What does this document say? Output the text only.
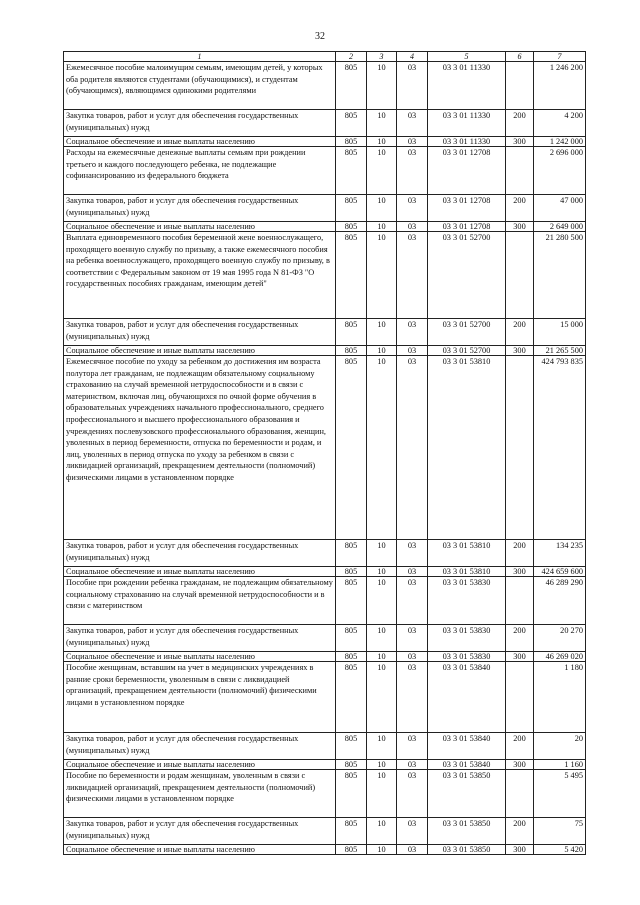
32
1	2	3	4	5	6	7
Ежемесячное пособие малоимущим семьям, имеющим детей, у которых оба родителя являются студентами (обучающимися), и студентам (обучающимся), являющимся одинокими родителями	805	10	03	03 3 01 11330		1 246 200
Закупка товаров, работ и услуг для обеспечения государственных (муниципальных) нужд	805	10	03	03 3 01 11330	200	4 200
Социальное обеспечение и иные выплаты населению	805	10	03	03 3 01 11330	300	1 242 000
Расходы на ежемесячные денежные выплаты семьям при рождении третьего и каждого последующего ребенка, не подлежащие софинансированию из федерального бюджета	805	10	03	03 3 01 12708		2 696 000
Закупка товаров, работ и услуг для обеспечения государственных (муниципальных) нужд	805	10	03	03 3 01 12708	200	47 000
Социальное обеспечение и иные выплаты населению	805	10	03	03 3 01 12708	300	2 649 000
Выплата единовременного пособия беременной жене военнослужащего, проходящего военную службу по призыву, а также ежемесячного пособия на ребенка военнослужащего, проходящего военную службу по призыву, в соответствии с Федеральным законом от 19 мая 1995 года N 81-ФЗ "О государственных пособиях гражданам, имеющим детей"	805	10	03	03 3 01 52700		21 280 500
Закупка товаров, работ и услуг для обеспечения государственных (муниципальных) нужд	805	10	03	03 3 01 52700	200	15 000
Социальное обеспечение и иные выплаты населению	805	10	03	03 3 01 52700	300	21 265 500
Ежемесячное пособие по уходу за ребенком до достижения им возраста полутора лет гражданам, не подлежащим обязательному социальному страхованию на случай временной нетрудоспособности и в связи с материнством, включая лиц, обучающихся по очной форме обучения в образовательных учреждениях начального профессионального, среднего профессионального и высшего профессионального образования и учреждениях послевузовского профессионального образования, женщин, уволенных в период беременности, отпуска по беременности и родам, и лиц, уволенных в период отпуска по уходу за ребенком в связи с ликвидацией организаций, прекращением деятельности (полномочий) физическими лицами в установленном порядке	805	10	03	03 3 01 53810		424 793 835
Закупка товаров, работ и услуг для обеспечения государственных (муниципальных) нужд	805	10	03	03 3 01 53810	200	134 235
Социальное обеспечение и иные выплаты населению	805	10	03	03 3 01 53810	300	424 659 600
Пособие при рождении ребенка гражданам, не подлежащим обязательному социальному страхованию на случай временной нетрудоспособности и в связи с материнством	805	10	03	03 3 01 53830		46 289 290
Закупка товаров, работ и услуг для обеспечения государственных (муниципальных) нужд	805	10	03	03 3 01 53830	200	20 270
Социальное обеспечение и иные выплаты населению	805	10	03	03 3 01 53830	300	46 269 020
Пособие женщинам, вставшим на учет в медицинских учреждениях в ранние сроки беременности, уволенным в связи с ликвидацией организаций, прекращением деятельности (полномочий) физическими лицами в установленном порядке	805	10	03	03 3 01 53840		1 180
Закупка товаров, работ и услуг для обеспечения государственных (муниципальных) нужд	805	10	03	03 3 01 53840	200	20
Социальное обеспечение и иные выплаты населению	805	10	03	03 3 01 53840	300	1 160
Пособие по беременности и родам женщинам, уволенным в связи с ликвидацией организаций, прекращением деятельности (полномочий) физическими лицами в установленном порядке	805	10	03	03 3 01 53850		5 495
Закупка товаров, работ и услуг для обеспечения государственных (муниципальных) нужд	805	10	03	03 3 01 53850	200	75
Социальное обеспечение и иные выплаты населению	805	10	03	03 3 01 53850	300	5 420
